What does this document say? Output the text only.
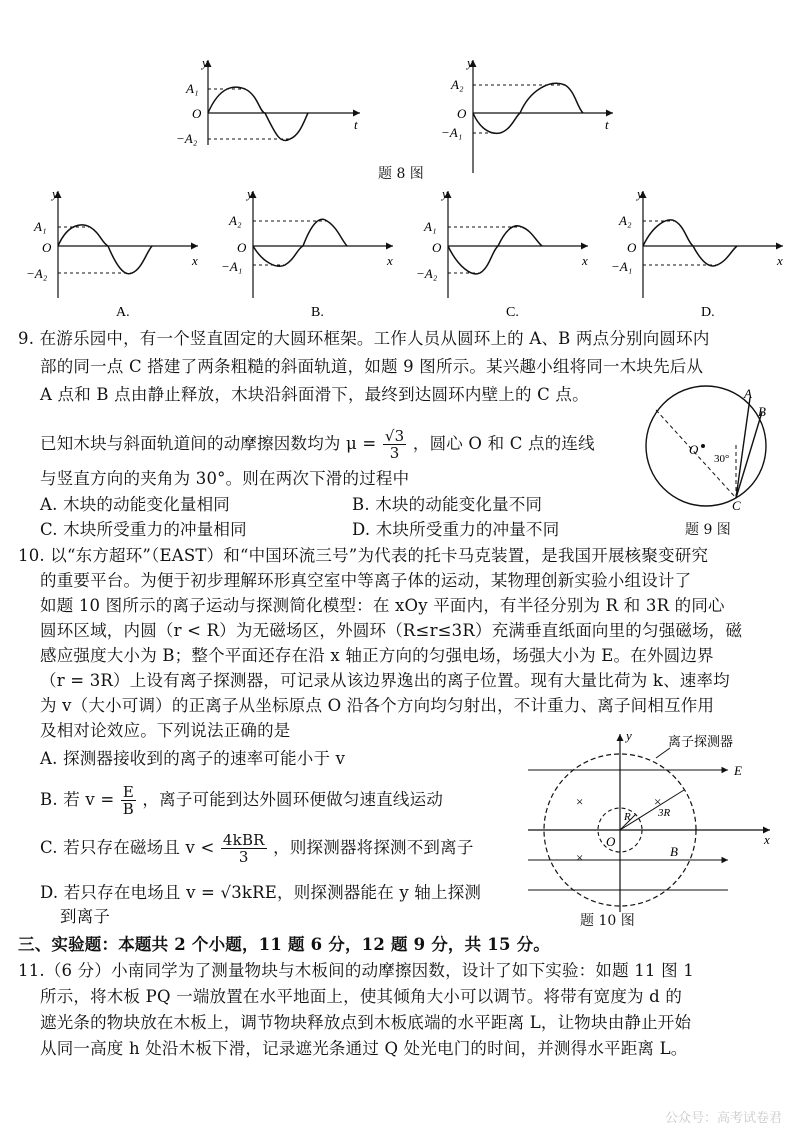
y
A₁
O
−A₂
t
y
A₂
O
−A₁
t
题 8 图
y
A₁
O
−A₂
x
A.
y
A₂
O
−A₁	x
B.
y
A₁
O
−A₂
x
C.
y
A₂
O
−A₁	x
D.
9. 在游乐园中，有一个竖直固定的大圆环框架。工作人员从圆环上的 A、B 两点分别向圆环内
部的同一点 C 搭建了两条粗糙的斜面轨道，如题 9 图所示。某兴趣小组将同一木块先后从
A 点和 B 点由静止释放，木块沿斜面滑下，最终到达圆环内壁上的 C 点。
已知木块与斜面轨道间的动摩擦因数均为 $\mu = \frac{√3}{3}$ ，圆心 O 和 C 点的连线
与竖直方向的夹角为 30°。则在两次下滑的过程中
A. 木块的动能变化量相同	B. 木块的动能变化量不同
C. 木块所受重力的冲量相同	D. 木块所受重力的冲量不同
A
B
C
O
30°
题 9 图
10. 以“东方超环”（EAST）和“中国环流三号”为代表的托卡马克装置，是我国开展核聚变研究
的重要平台。为便于初步理解环形真空室中等离子体的运动，某物理创新实验小组设计了
如题 10 图所示的离子运动与探测简化模型：在 xOy 平面内，有半径分别为 R 和 3R 的同心
圆环区域，内圆（r < R）为无磁场区，外圆环（R≤r≤3R）充满垂直纸面向里的匀强磁场，磁
感应强度大小为 B；整个平面还存在沿 x 轴正方向的匀强电场，场强大小为 E。在外圆边界
（r = 3R）上设有离子探测器，可记录从该边界逸出的离子位置。现有大量比荷为 k、速率均
为 v（大小可调）的正离子从坐标原点 O 沿各个方向均匀射出，不计重力、离子间相互作用
及相对论效应。下列说法正确的是
A. 探测器接收到的离子的速率可能小于 v
B. 若 $v = \frac{E}{B}$ ，离子可能到达外圆环便做匀速直线运动
C. 若只存在磁场且 $v < \frac{\text{4kBR}}{3}$ ，则探测器将探测不到离子
D. 若只存在电场且 v = √3kRE，则探测器能在 y 轴上探测
到离子
离子探测器
y
x
E
B
O
R 3R
×	×
×
题 10 图
三、实验题：本题共 2 个小题，11 题 6 分，12 题 9 分，共 15 分。
11.（6 分）小南同学为了测量物块与木板间的动摩擦因数，设计了如下实验：如题 11 图 1
所示，将木板 PQ 一端放置在水平地面上，使其倾角大小可以调节。将带有宽度为 d 的
遮光条的物块放在木板上，调节物块释放点到木板底端的水平距离 L，让物块由静止开始
从同一高度 h 处沿木板下滑，记录遮光条通过 Q 处光电门的时间，并测得水平距离 L。
公众号：高考试卷君
